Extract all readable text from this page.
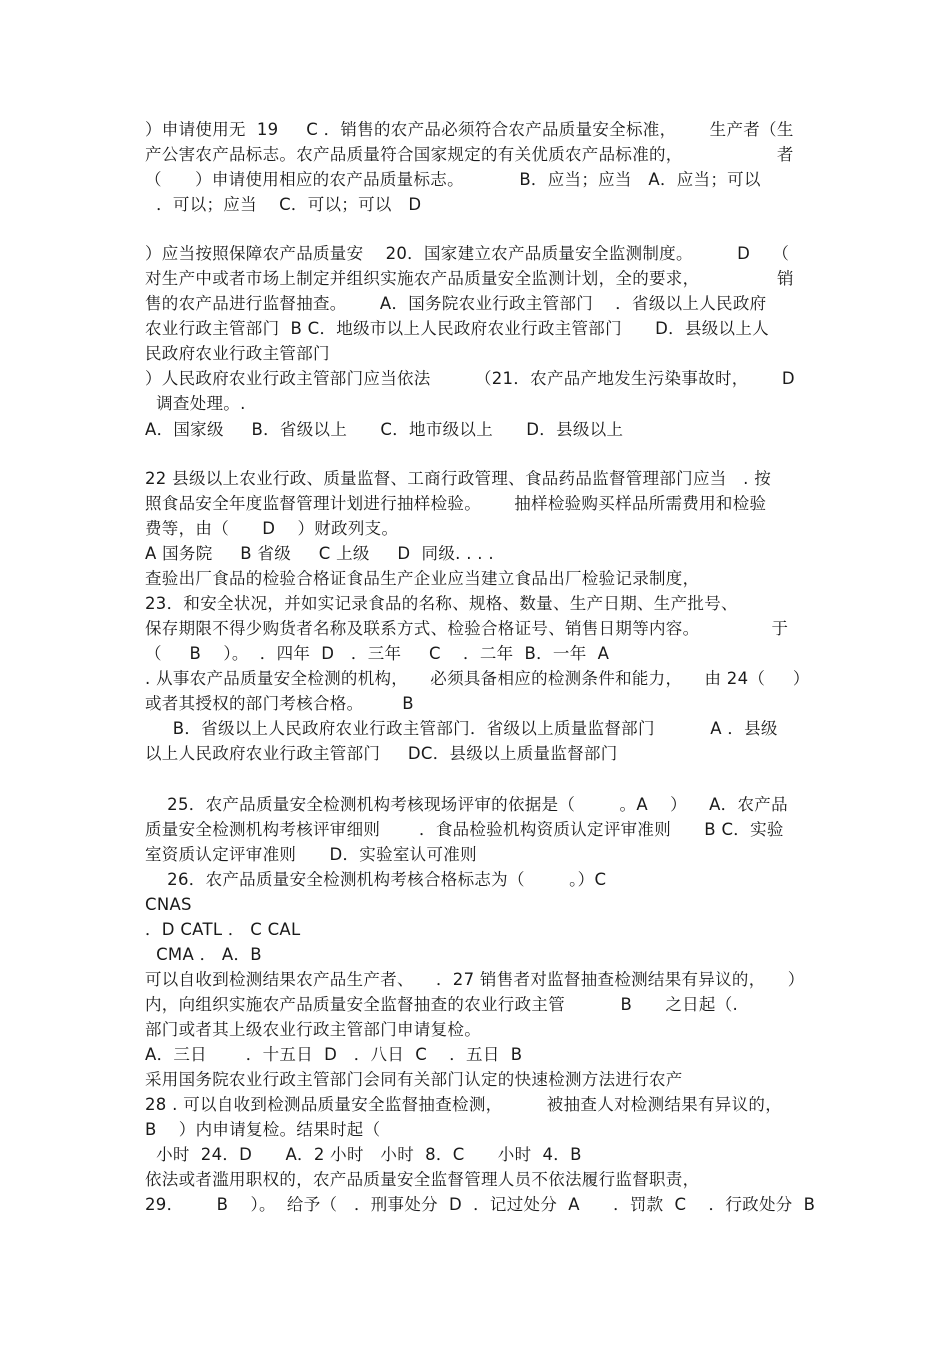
）申请使用无  19     C ．销售的农产品必须符合农产品质量安全标准，      生产者（生
产公害农产品标志。农产品质量符合国家规定的有关优质农产品标准的，                 者
（      ）申请使用相应的农产品质量标志。          B．应当；应当   A．应当；可以
．可以；应当    C．可以；可以   D
）应当按照保障农产品质量安    20．国家建立农产品质量安全监测制度。        D    （
对生产中或者市场上制定并组织实施农产品质量安全监测计划，全的要求，              销
售的农产品进行监督抽查。      A．国务院农业行政主管部门    ．省级以上人民政府
农业行政主管部门  B C．地级市以上人民政府农业行政主管部门      D．县级以上人
民政府农业行政主管部门
）人民政府农业行政主管部门应当依法        （21．农产品产地发生污染事故时，      D
调查处理。.
A．国家级     B．省级以上      C．地市级以上      D．县级以上
22 县级以上农业行政、质量监督、工商行政管理、食品药品监督管理部门应当   . 按
照食品安全年度监督管理计划进行抽样检验。      抽样检验购买样品所需费用和检验
费等，由（      D    ）财政列支。
A 国务院     B 省级     C 上级     D  同级. . . .
查验出厂食品的检验合格证食品生产企业应当建立食品出厂检验记录制度，
23．和安全状况，并如实记录食品的名称、规格、数量、生产日期、生产批号、
保存期限不得少购货者名称及联系方式、检验合格证号、销售日期等内容。             于
（     B    ）。  ．四年  D   ．三年     C    ．二年  B．一年  A
. 从事农产品质量安全检测的机构，    必须具备相应的检测条件和能力，    由 24（     ）
或者其授权的部门考核合格。       B
B．省级以上人民政府农业行政主管部门．省级以上质量监督部门          A ．县级
以上人民政府农业行政主管部门     DC．县级以上质量监督部门
25．农产品质量安全检测机构考核现场评审的依据是（        。A    ）    A．农产品
质量安全检测机构考核评审细则       ．食品检验机构资质认定评审准则      B C．实验
室资质认定评审准则      D．实验室认可准则
26．农产品质量安全检测机构考核合格标志为（        。）C
CNAS
．D CATL ． C CAL
CMA ． A．B
可以自收到检测结果农产品生产者、    ．27 销售者对监督抽查检测结果有异议的，    ）
内，向组织实施农产品质量安全监督抽查的农业行政主管          B      之日起（.
部门或者其上级农业行政主管部门申请复检。
A．三日       ．十五日  D   ．八日  C    ．五日  B
采用国务院农业行政主管部门会同有关部门认定的快速检测方法进行农产
28 . 可以自收到检测品质量安全监督抽查检测，        被抽查人对检测结果有异议的，
B    ）内申请复检。结果时起（
小时  24．D      A．2 小时   小时  8．C      小时  4．B
依法或者滥用职权的，农产品质量安全监督管理人员不依法履行监督职责，
29．      B    ）。  给予（   ．刑事处分  D  ．记过处分  A      ．罚款  C    ．行政处分  B
